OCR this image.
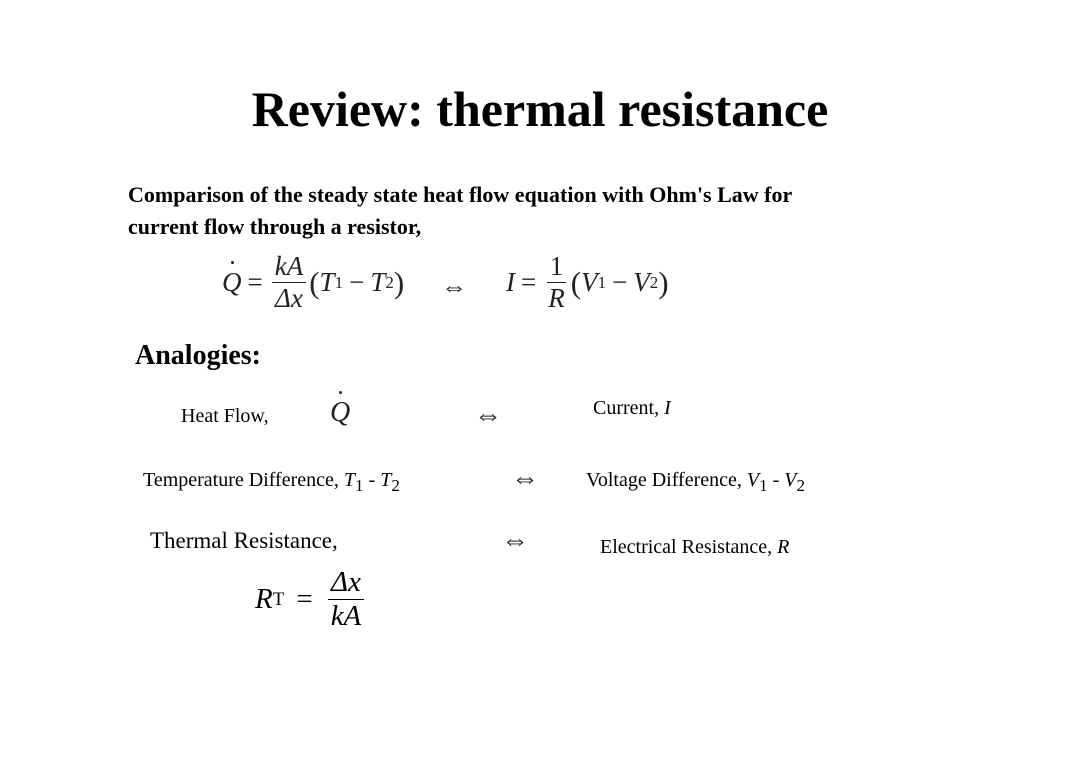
Review: thermal resistance
Comparison of the steady state heat flow equation with Ohm's Law for
current flow through a resistor,
$Q = \frac{kA}{\Delta x}$ ( T 1 − T 2 ) ⇔ $I = \frac{1}{R}$ ( V 1 − V 2 )
Analogies:
Heat Flow, Q	⇔	Current, I
Temperature Difference, $T_1 - T_2$	⇔ Voltage Difference, $V_1 - V_2$
Thermal Resistance,	⇔	Electrical Resistance, R
R $T = \frac{\Delta x}{kA}$
